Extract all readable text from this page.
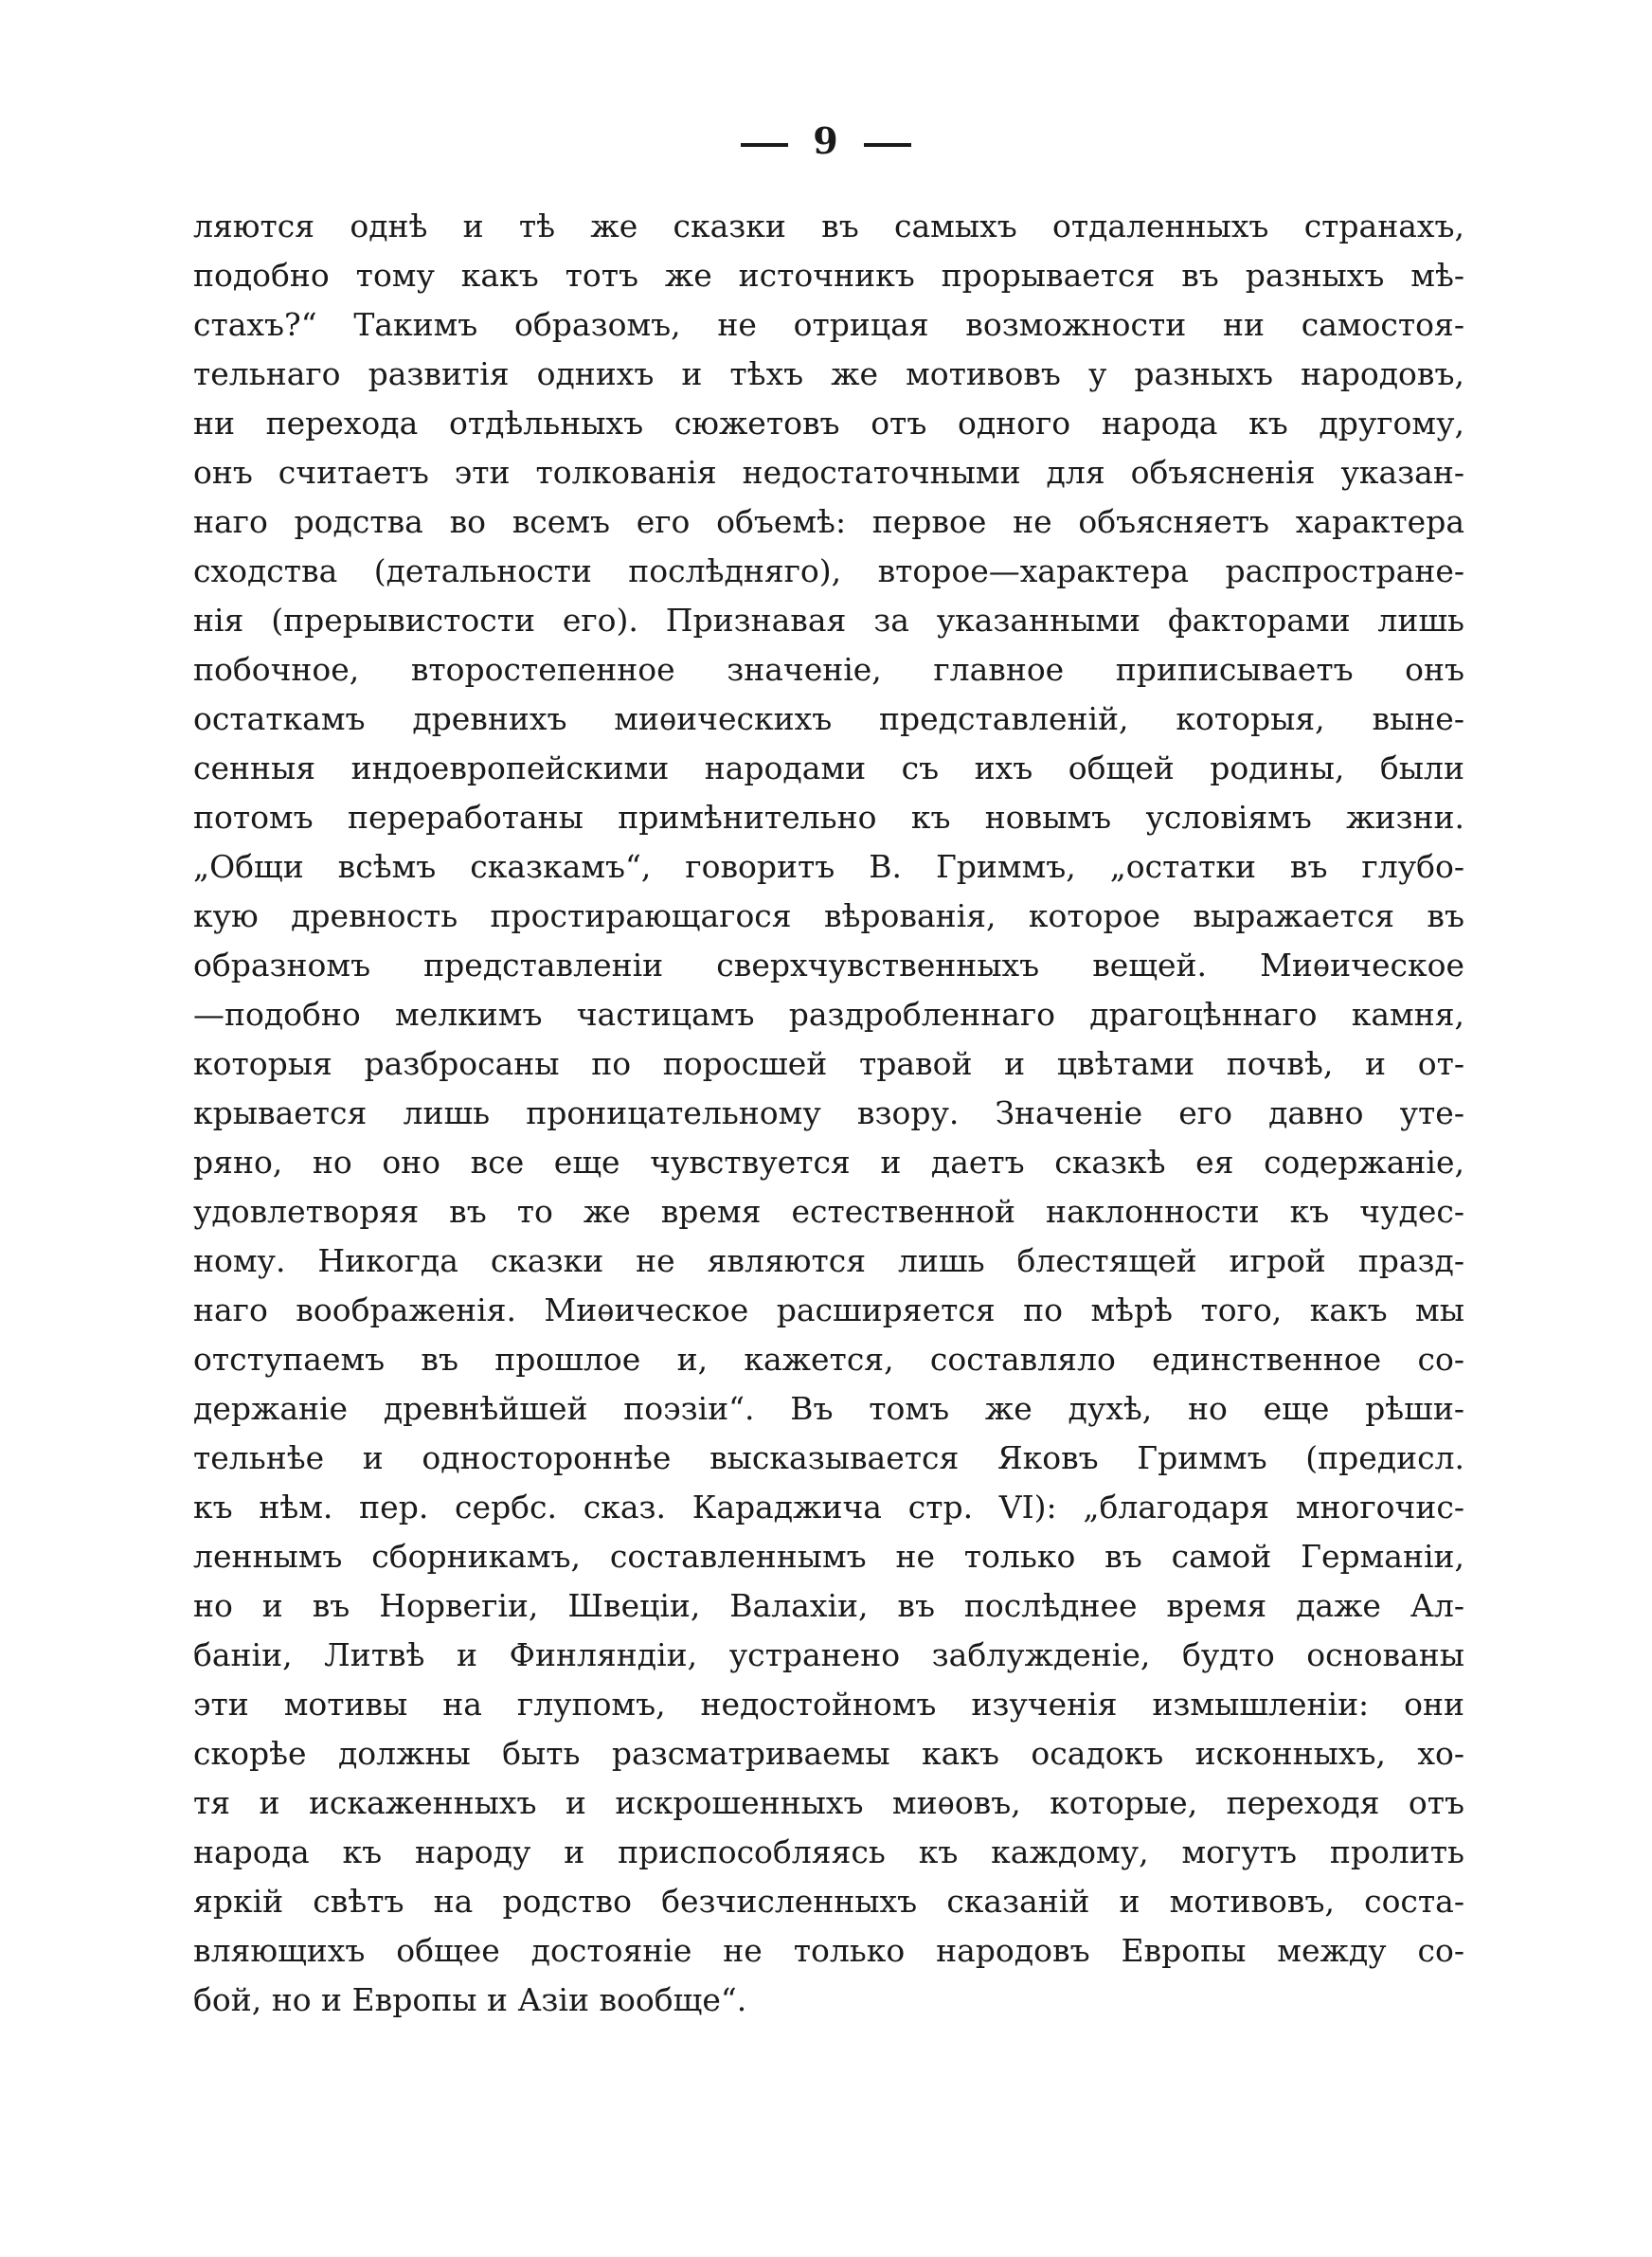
9
ляются однѣ и тѣ же сказки въ самыхъ отдаленныхъ странахъ,
подобно тому какъ тотъ же источникъ прорывается въ разныхъ мѣ-
стахъ?“ Такимъ образомъ, не отрицая возможности ни самостоя-
тельнаго развитія однихъ и тѣхъ же мотивовъ у разныхъ народовъ,
ни перехода отдѣльныхъ сюжетовъ отъ одного народа къ другому,
онъ считаетъ эти толкованія недостаточными для объясненія указан-
наго родства во всемъ его объемѣ: первое не объясняетъ характера
сходства (детальности послѣдняго), второе—характера распростране-
нія (прерывистости его). Признавая за указанными факторами лишь
побочное, второстепенное значеніе, главное приписываетъ онъ
остаткамъ древнихъ миѳическихъ представленій, которыя, выне-
сенныя индоевропейскими народами съ ихъ общей родины, были
потомъ переработаны примѣнительно къ новымъ условіямъ жизни.
„Общи всѣмъ сказкамъ“, говоритъ В. Гриммъ, „остатки въ глубо-
кую древность простирающагося вѣрованія, которое выражается въ
образномъ представленіи сверхчувственныхъ вещей. Миѳическое
—подобно мелкимъ частицамъ раздробленнаго драгоцѣннаго камня,
которыя разбросаны по поросшей травой и цвѣтами почвѣ, и от-
крывается лишь проницательному взору. Значеніе его давно уте-
ряно, но оно все еще чувствуется и даетъ сказкѣ ея содержаніе,
удовлетворяя въ то же время естественной наклонности къ чудес-
ному. Никогда сказки не являются лишь блестящей игрой празд-
наго воображенія. Миѳическое расширяется по мѣрѣ того, какъ мы
отступаемъ въ прошлое и, кажется, составляло единственное со-
держаніе древнѣйшей поэзіи“. Въ томъ же духѣ, но еще рѣши-
тельнѣе и одностороннѣе высказывается Яковъ Гриммъ (предисл.
къ нѣм. пер. сербс. сказ. Караджича стр. VI): „благодаря многочис-
леннымъ сборникамъ, составленнымъ не только въ самой Германіи,
но и въ Норвегіи, Швеціи, Валахіи, въ послѣднее время даже Ал-
баніи, Литвѣ и Финляндіи, устранено заблужденіе, будто основаны
эти мотивы на глупомъ, недостойномъ изученія измышленіи: они
скорѣе должны быть разсматриваемы какъ осадокъ исконныхъ, хо-
тя и искаженныхъ и искрошенныхъ миѳовъ, которые, переходя отъ
народа къ народу и приспособляясь къ каждому, могутъ пролить
яркій свѣтъ на родство безчисленныхъ сказаній и мотивовъ, соста-
вляющихъ общее достояніе не только народовъ Европы между со-
бой, но и Европы и Азіи вообще“.
